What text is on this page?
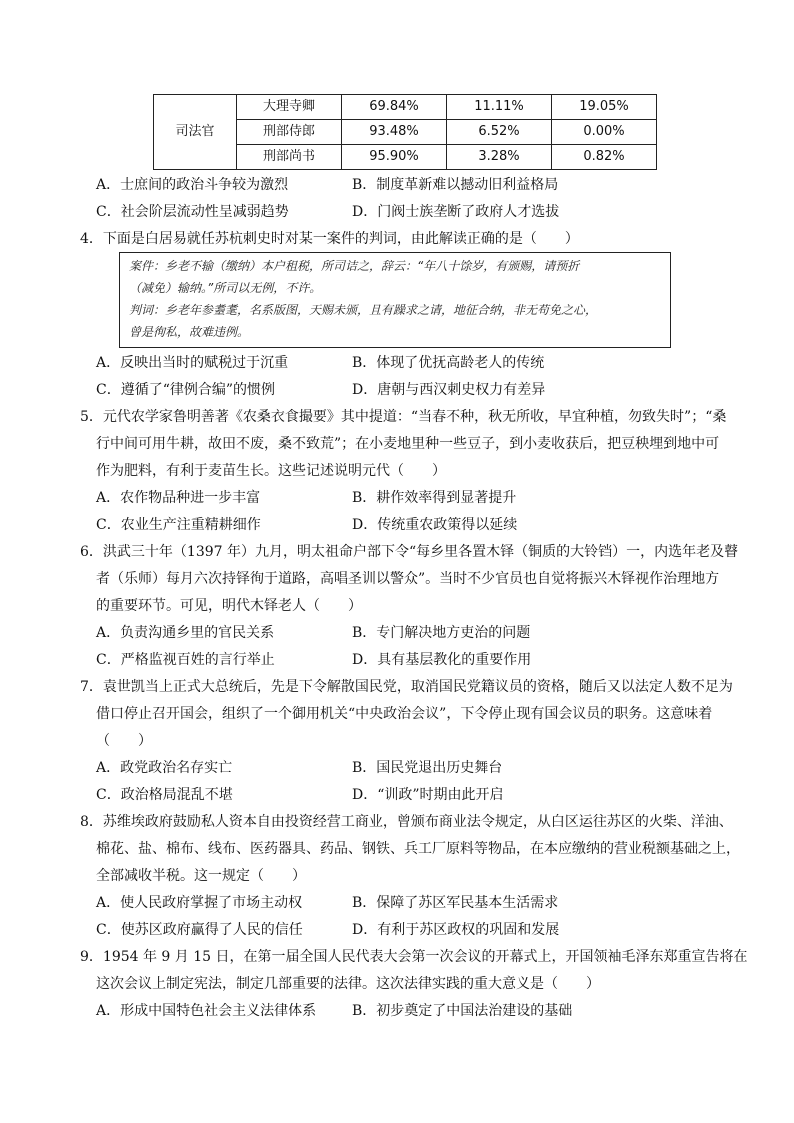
司法官	大理寺卿	69.84%	11.11%	19.05%
	刑部侍郎	93.48%	6.52%	0.00%
	刑部尚书	95.90%	3.28%	0.82%
A．士庶间的政治斗争较为激烈	B．制度革新难以撼动旧利益格局
C．社会阶层流动性呈减弱趋势	D．门阀士族垄断了政府人才选拔
4．下面是白居易就任苏杭刺史时对某一案件的判词，由此解读正确的是（　　）
案件：乡老不输（缴纳）本户租税，所司诘之，辞云：“年八十馀岁，有颁赐，请预折
（减免）输纳。”所司以无例，不许。
判词：乡老年参耋耄，名系版图，天赐未颁，且有躁求之请，地征合纳，非无苟免之心，
曾是徇私，故难违例。
A．反映出当时的赋税过于沉重	B．体现了优抚高龄老人的传统
C．遵循了“律例合编”的惯例	D．唐朝与西汉刺史权力有差异
5．元代农学家鲁明善著《农桑衣食撮要》其中提道：“当春不种，秋无所收，早宜种植，勿致失时”；“桑
行中间可用牛耕，故田不废，桑不致荒”；在小麦地里种一些豆子，到小麦收获后，把豆秧埋到地中可
作为肥料，有利于麦苗生长。这些记述说明元代（　　）
A．农作物品种进一步丰富	B．耕作效率得到显著提升
C．农业生产注重精耕细作	D．传统重农政策得以延续
6．洪武三十年（1397 年）九月，明太祖命户部下令“每乡里各置木铎（铜质的大铃铛）一，内选年老及瞽
者（乐师）每月六次持铎徇于道路，高唱圣训以警众”。当时不少官员也自觉将振兴木铎视作治理地方
的重要环节。可见，明代木铎老人（　　）
A．负责沟通乡里的官民关系	B．专门解决地方吏治的问题
C．严格监视百姓的言行举止	D．具有基层教化的重要作用
7．袁世凯当上正式大总统后，先是下令解散国民党，取消国民党籍议员的资格，随后又以法定人数不足为
借口停止召开国会，组织了一个御用机关“中央政治会议”，下令停止现有国会议员的职务。这意味着
（　　）
A．政党政治名存实亡	B．国民党退出历史舞台
C．政治格局混乱不堪	D．“训政”时期由此开启
8．苏维埃政府鼓励私人资本自由投资经营工商业，曾颁布商业法令规定，从白区运往苏区的火柴、洋油、
棉花、盐、棉布、线布、医药器具、药品、钢铁、兵工厂原料等物品，在本应缴纳的营业税额基础之上，
全部减收半税。这一规定（　　）
A．使人民政府掌握了市场主动权	B．保障了苏区军民基本生活需求
C．使苏区政府赢得了人民的信任	D．有利于苏区政权的巩固和发展
9．1954 年 9 月 15 日，在第一届全国人民代表大会第一次会议的开幕式上，开国领袖毛泽东郑重宣告将在
这次会议上制定宪法，制定几部重要的法律。这次法律实践的重大意义是（　　）
A．形成中国特色社会主义法律体系	B．初步奠定了中国法治建设的基础
